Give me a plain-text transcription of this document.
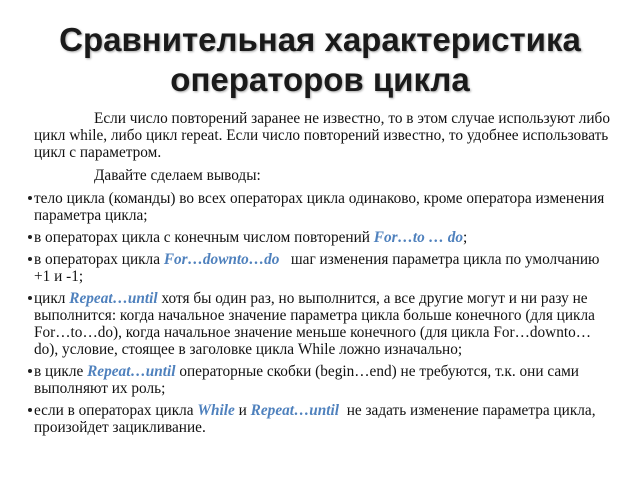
Сравнительная характеристика
операторов цикла

Если число повторений заранее не известно, то в этом случае используют либо цикл while, либо цикл repeat. Если число повторений известно, то удобнее использовать цикл с параметром.

Давайте сделаем выводы:

тело цикла (команды) во всех операторах цикла одинаково, кроме оператора изменения параметра цикла;
в операторах цикла с конечным числом повторений For…to … do;
в операторах цикла For…downto…do   шаг изменения параметра цикла по умолчанию +1 и -1;
цикл Repeat…until хотя бы один раз, но выполнится, а все другие могут и ни разу не выполнится: когда начальное значение параметра цикла больше конечного (для цикла For…to…do), когда начальное значение меньше конечного (для цикла For…downto…do), условие, стоящее в заголовке цикла While ложно изначально;
в цикле Repeat…until операторные скобки (begin…end) не требуются, т.к. они сами выполняют их роль;
если в операторах цикла While и Repeat…until  не задать изменение параметра цикла, произойдет зацикливание.
